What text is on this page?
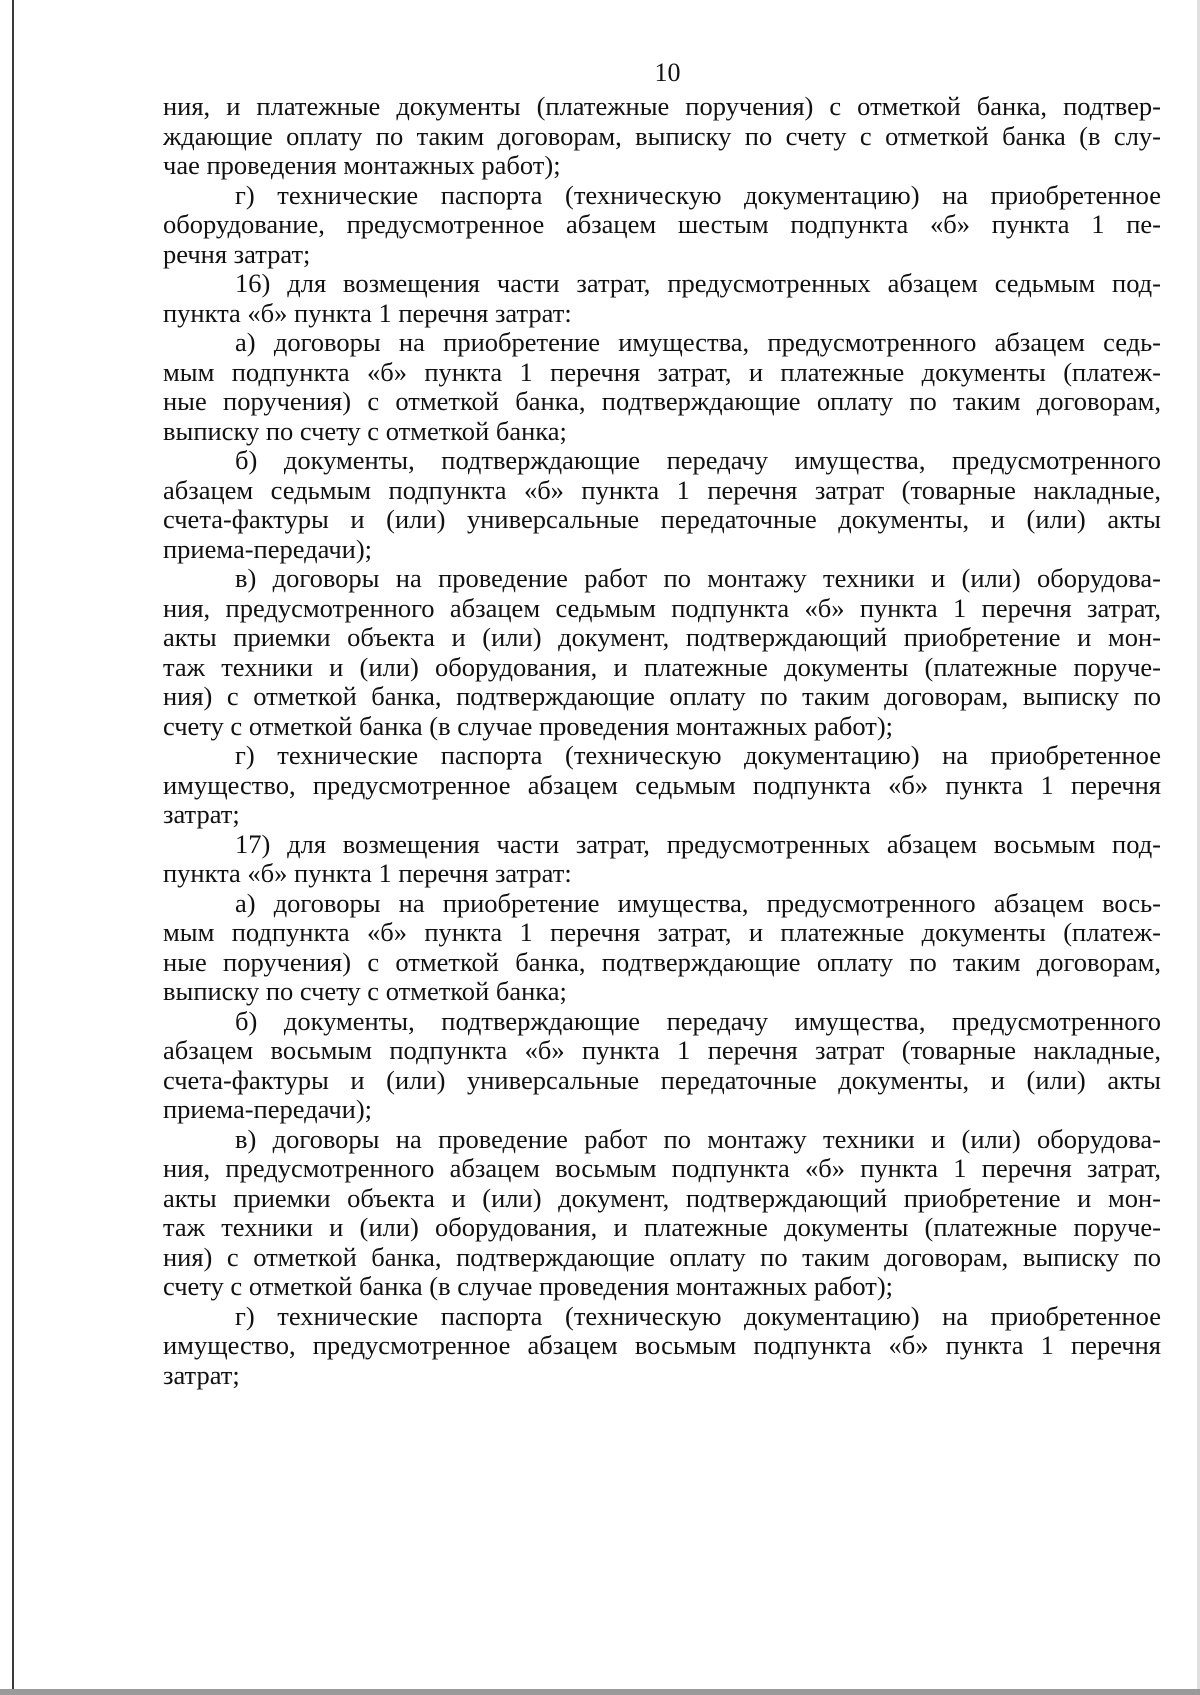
10
ния, и платежные документы (платежные поручения) с отметкой банка, подтвер-
ждающие оплату по таким договорам, выписку по счету с отметкой банка (в слу-
чае проведения монтажных работ);
г) технические паспорта (техническую документацию) на приобретенное
оборудование, предусмотренное абзацем шестым подпункта «б» пункта 1 пе-
речня затрат;
16) для возмещения части затрат, предусмотренных абзацем седьмым под-
пункта «б» пункта 1 перечня затрат:
а) договоры на приобретение имущества, предусмотренного абзацем седь-
мым подпункта «б» пункта 1 перечня затрат, и платежные документы (платеж-
ные поручения) с отметкой банка, подтверждающие оплату по таким договорам,
выписку по счету с отметкой банка;
б) документы, подтверждающие передачу имущества, предусмотренного
абзацем седьмым подпункта «б» пункта 1 перечня затрат (товарные накладные,
счета-фактуры и (или) универсальные передаточные документы, и (или) акты
приема-передачи);
в) договоры на проведение работ по монтажу техники и (или) оборудова-
ния, предусмотренного абзацем седьмым подпункта «б» пункта 1 перечня затрат,
акты приемки объекта и (или) документ, подтверждающий приобретение и мон-
таж техники и (или) оборудования, и платежные документы (платежные поруче-
ния) с отметкой банка, подтверждающие оплату по таким договорам, выписку по
счету с отметкой банка (в случае проведения монтажных работ);
г) технические паспорта (техническую документацию) на приобретенное
имущество, предусмотренное абзацем седьмым подпункта «б» пункта 1 перечня
затрат;
17) для возмещения части затрат, предусмотренных абзацем восьмым под-
пункта «б» пункта 1 перечня затрат:
а) договоры на приобретение имущества, предусмотренного абзацем вось-
мым подпункта «б» пункта 1 перечня затрат, и платежные документы (платеж-
ные поручения) с отметкой банка, подтверждающие оплату по таким договорам,
выписку по счету с отметкой банка;
б) документы, подтверждающие передачу имущества, предусмотренного
абзацем восьмым подпункта «б» пункта 1 перечня затрат (товарные накладные,
счета-фактуры и (или) универсальные передаточные документы, и (или) акты
приема-передачи);
в) договоры на проведение работ по монтажу техники и (или) оборудова-
ния, предусмотренного абзацем восьмым подпункта «б» пункта 1 перечня затрат,
акты приемки объекта и (или) документ, подтверждающий приобретение и мон-
таж техники и (или) оборудования, и платежные документы (платежные поруче-
ния) с отметкой банка, подтверждающие оплату по таким договорам, выписку по
счету с отметкой банка (в случае проведения монтажных работ);
г) технические паспорта (техническую документацию) на приобретенное
имущество, предусмотренное абзацем восьмым подпункта «б» пункта 1 перечня
затрат;
